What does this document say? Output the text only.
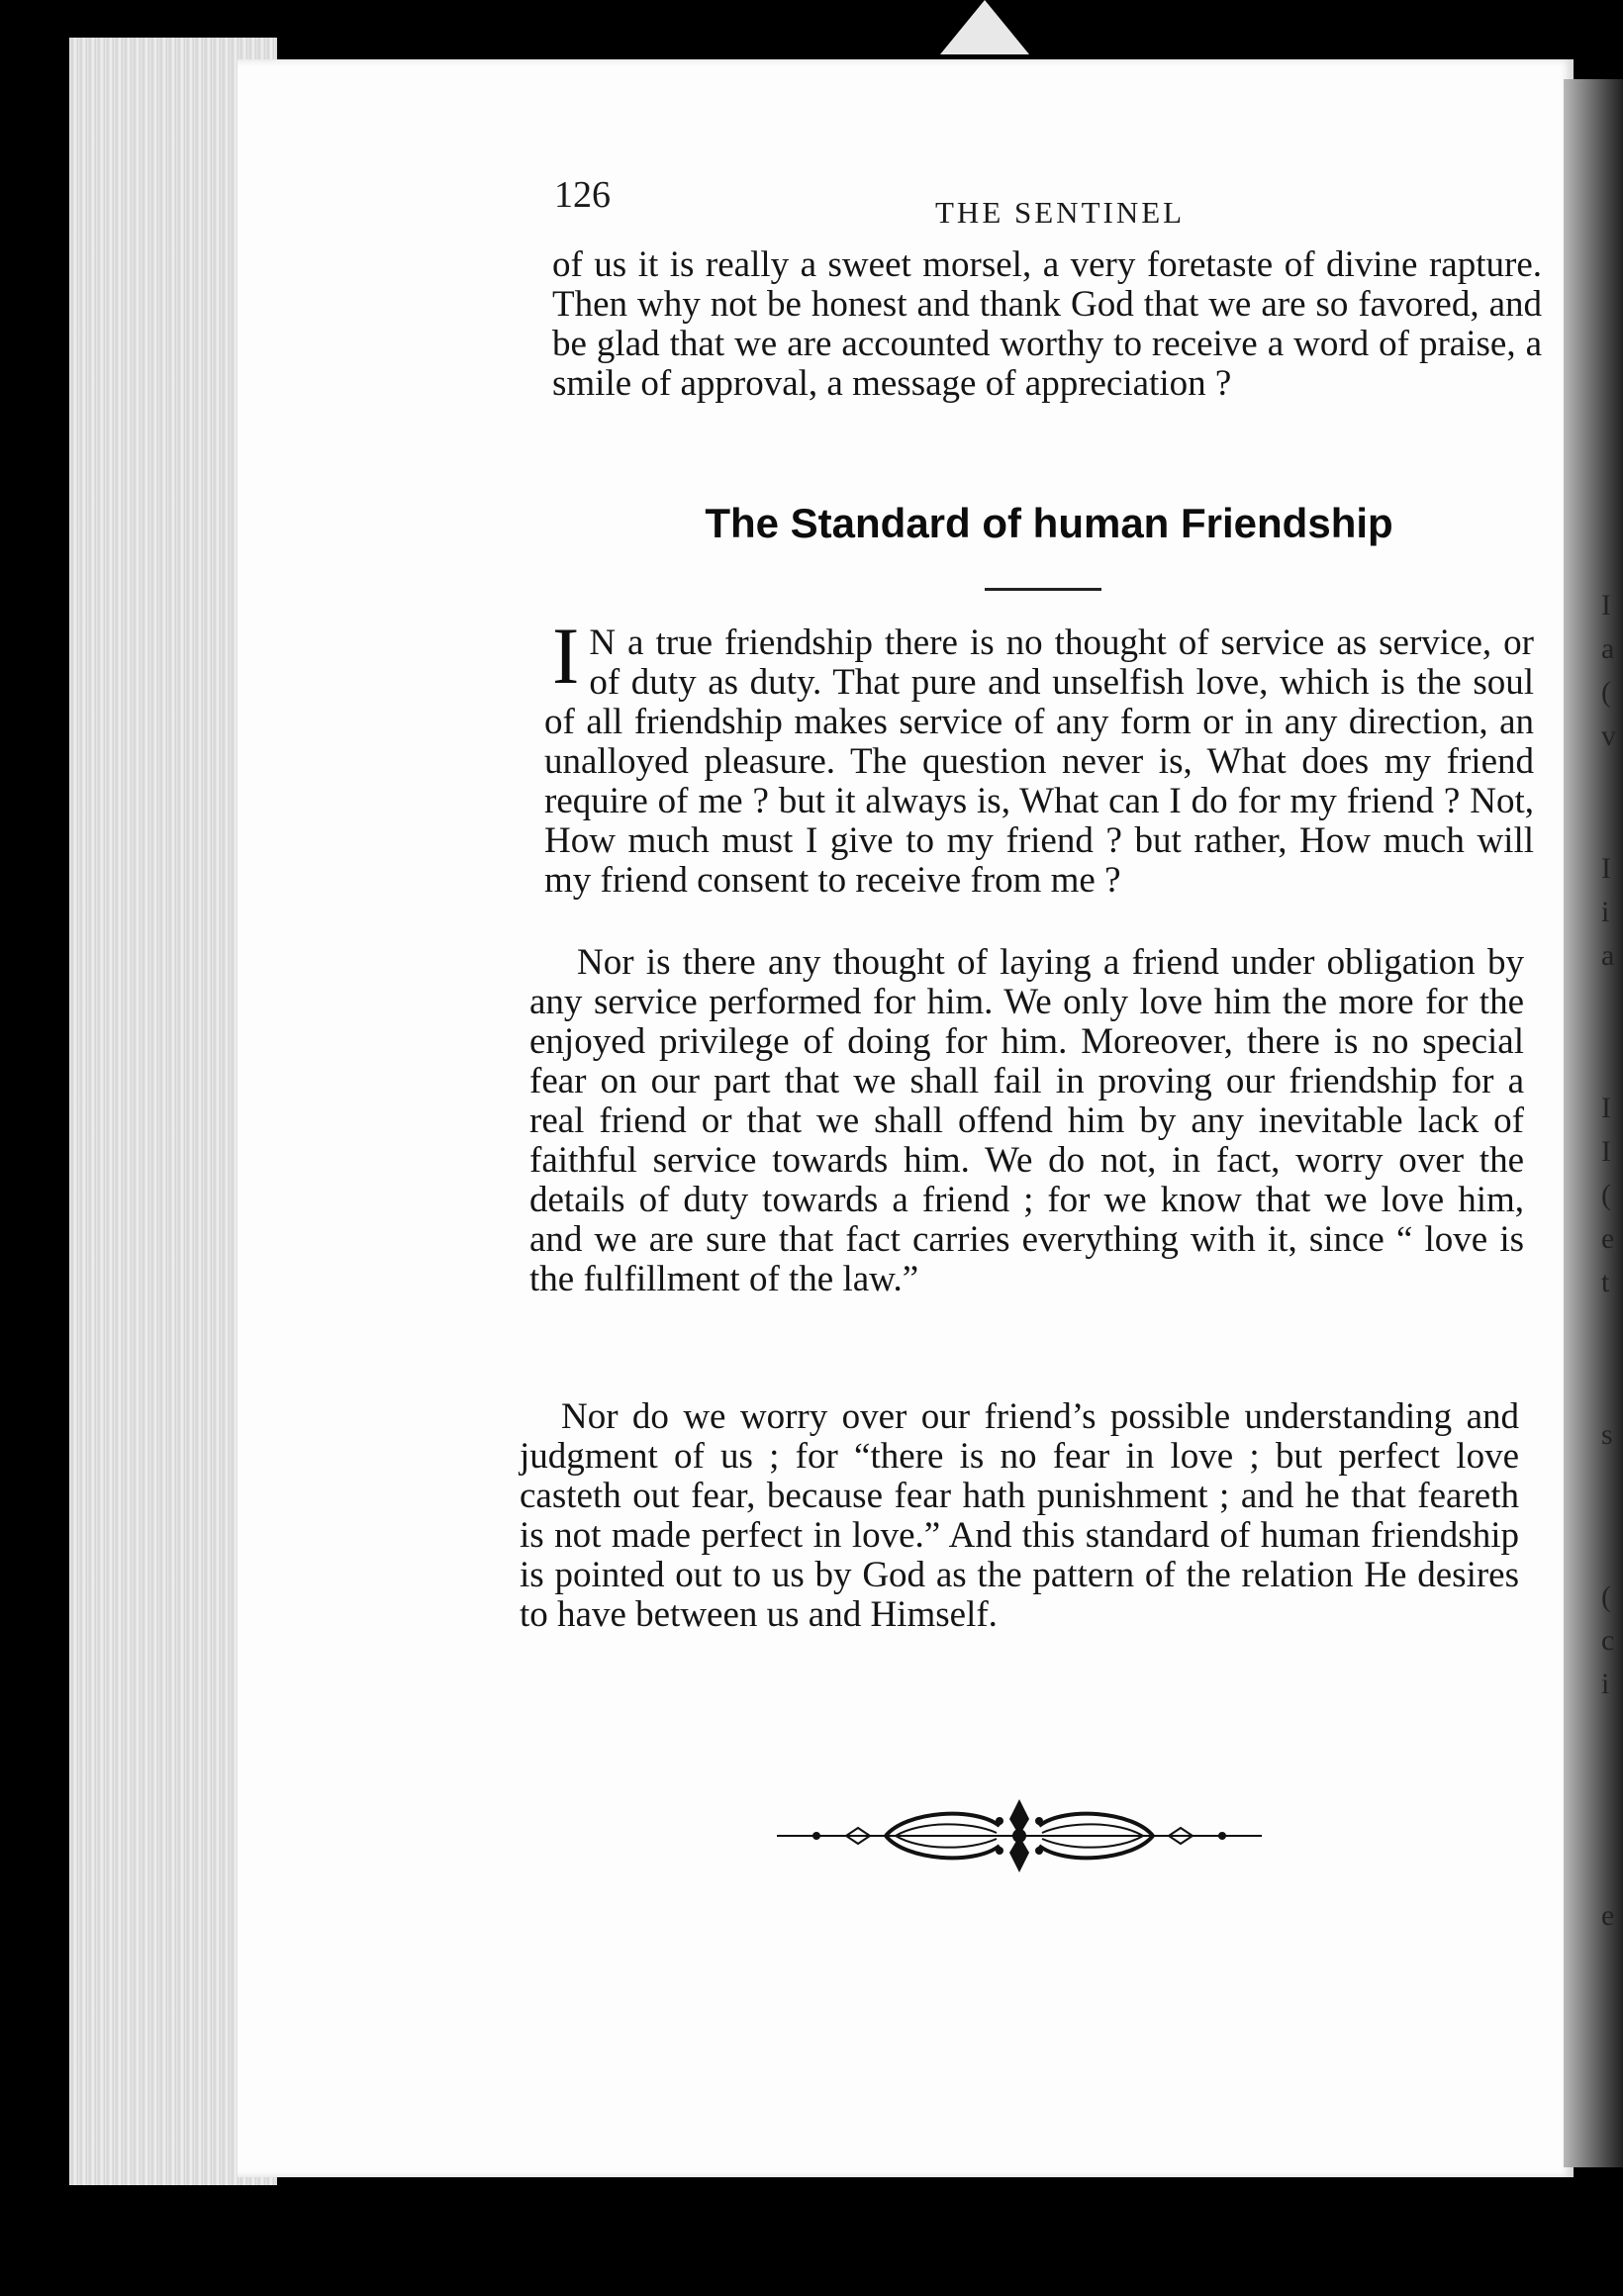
I
a
(
v
I
i
a
I
I
(
e
t
s
(
c
i
e
126	THE SENTINEL
of us it is really a sweet morsel, a very foretaste of divine rapture. Then why not be honest and thank God that we are so favored, and be glad that we are accounted worthy to receive a word of praise, a smile of approval, a message of appreciation ?
The Standard of human Friendship
I N a true friendship there is no thought of service as service, or of duty as duty. That pure and unselfish love, which is the soul of all friendship makes service of any form or in any direction, an unalloyed pleasure. The question never is, What does my friend require of me ? but it always is, What can I do for my friend ? Not, How much must I give to my friend ? but rather, How much will my friend consent to receive from me ?
Nor is there any thought of laying a friend under obligation by any service performed for him. We only love him the more for the enjoyed privilege of doing for him. Moreover, there is no special fear on our part that we shall fail in proving our friendship for a real friend or that we shall offend him by any inevitable lack of faithful service towards him. We do not, in fact, worry over the details of duty towards a friend ; for we know that we love him, and we are sure that fact carries everything with it, since “ love is the fulfillment of the law.”
Nor do we worry over our friend’s possible understanding and judgment of us ; for “there is no fear in love ; but perfect love casteth out fear, because fear hath punishment ; and he that feareth is not made perfect in love.” And this standard of human friendship is pointed out to us by God as the pattern of the relation He desires to have between us and Himself.
